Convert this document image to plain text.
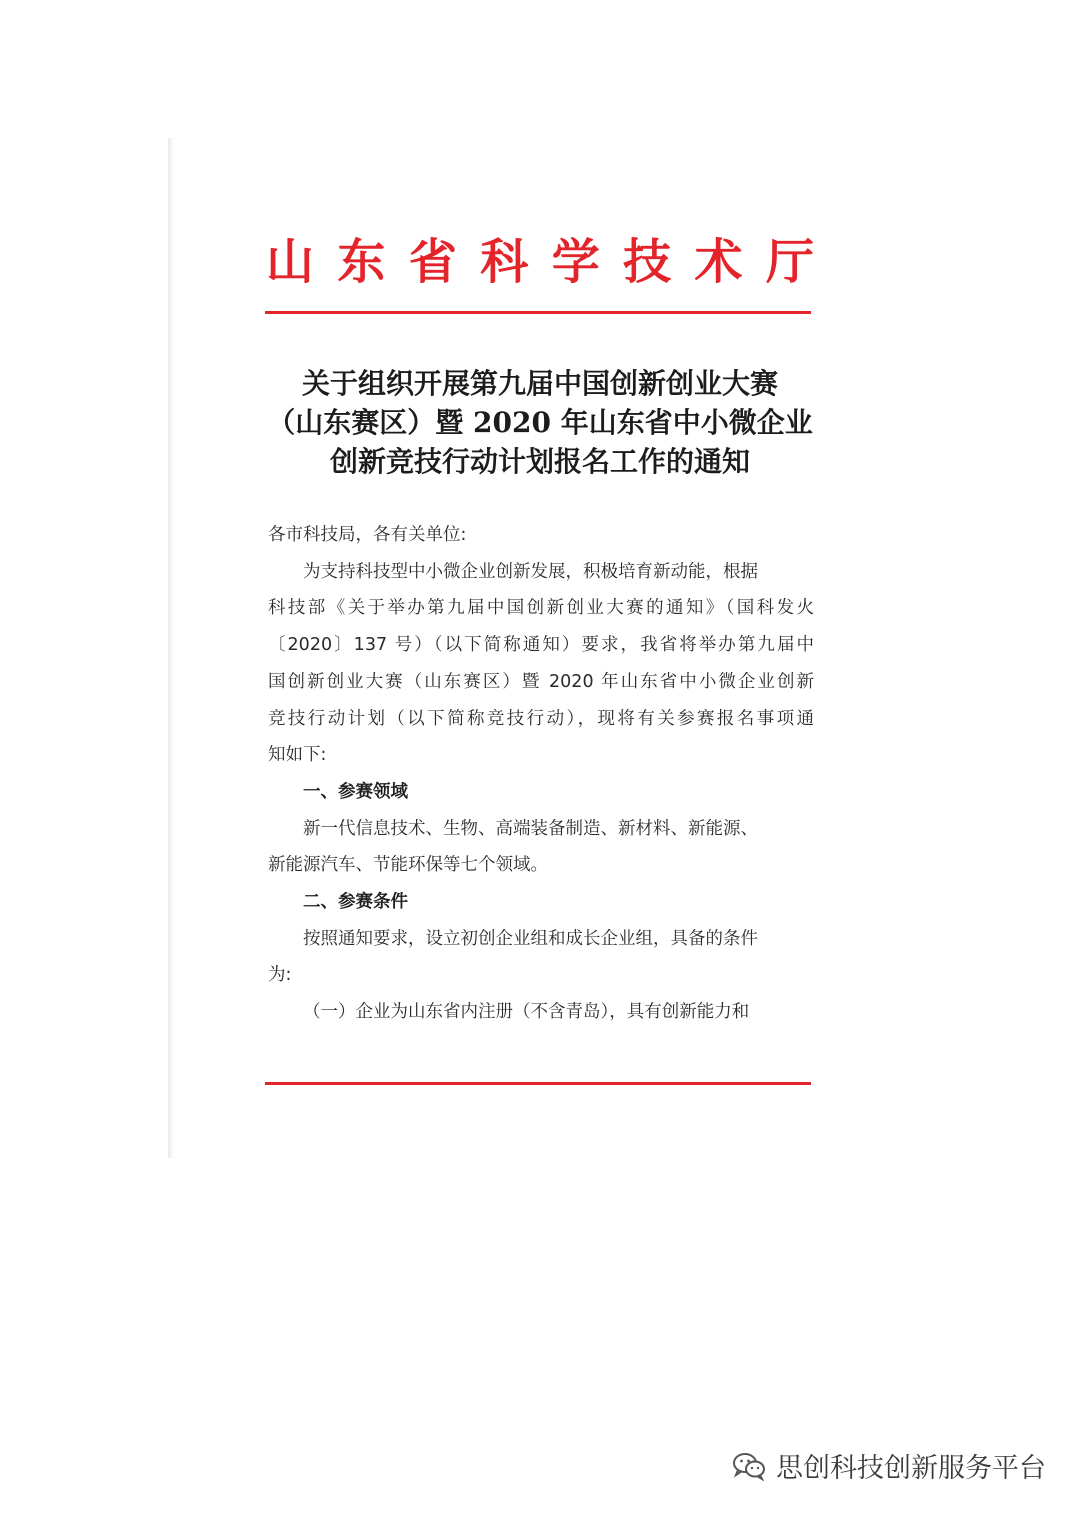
山 东 省 科 学 技 术 厅
关于组织开展第九届中国创新创业大赛
（山东赛区）暨 2020 年山东省中小微企业
创新竞技行动计划报名工作的通知

各市科技局，各有关单位:

为支持科技型中小微企业创新发展，积极培育新动能，根据
科技部《关于举办第九届中国创新创业大赛的通知》（国科发火
〔2020〕137 号）（以下简称通知）要求，我省将举办第九届中
国创新创业大赛（山东赛区）暨 2020 年山东省中小微企业创新
竞技行动计划（以下简称竞技行动），现将有关参赛报名事项通
知如下:

一、参赛领域

新一代信息技术、生物、高端装备制造、新材料、新能源、
新能源汽车、节能环保等七个领域。

二、参赛条件

按照通知要求，设立初创企业组和成长企业组，具备的条件
为:

（一）企业为山东省内注册（不含青岛），具有创新能力和

思创科技创新服务平台
